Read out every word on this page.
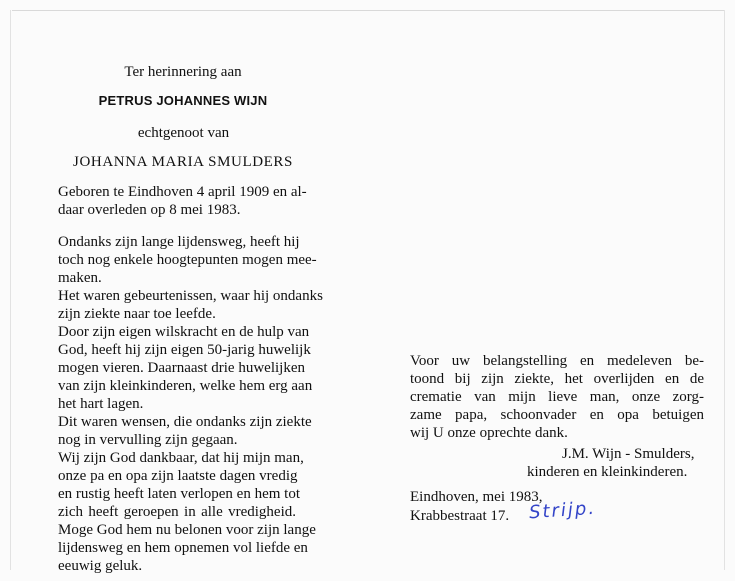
Ter herinnering aan
PETRUS JOHANNES WIJN
echtgenoot van
JOHANNA MARIA SMULDERS
Geboren te Eindhoven 4 april 1909 en al-
daar overleden op 8 mei 1983.
Ondanks zijn lange lijdensweg, heeft hij
toch nog enkele hoogtepunten mogen mee-
maken.
Het waren gebeurtenissen, waar hij ondanks
zijn ziekte naar toe leefde.
Door zijn eigen wilskracht en de hulp van
God, heeft hij zijn eigen 50-jarig huwelijk
mogen vieren. Daarnaast drie huwelijken
van zijn kleinkinderen, welke hem erg aan
het hart lagen.
Dit waren wensen, die ondanks zijn ziekte
nog in vervulling zijn gegaan.
Wij zijn God dankbaar, dat hij mijn man,
onze pa en opa zijn laatste dagen vredig
en rustig heeft laten verlopen en hem tot
zich heeft geroepen in alle vredigheid.
Moge God hem nu belonen voor zijn lange
lijdensweg en hem opnemen vol liefde en
eeuwig geluk.
Voor uw belangstelling en medeleven be-
toond bij zijn ziekte, het overlijden en de
crematie van mijn lieve man, onze zorg-
zame papa, schoonvader en opa betuigen
wij U onze oprechte dank.
J.M. Wijn - Smulders,
kinderen en kleinkinderen.
Eindhoven, mei 1983,
Krabbestraat 17. Strijp.
